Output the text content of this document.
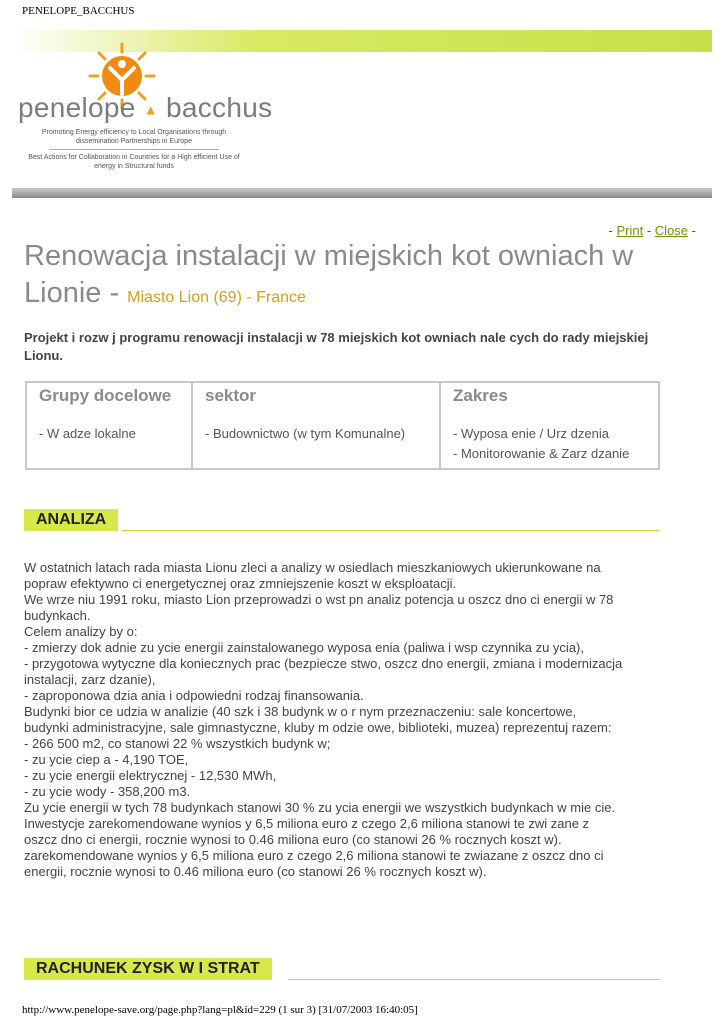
PENELOPE_BACCHUS
penelope ▲ bacchus
Promoting Energy efficiency to Local Organisations through dissemination Partnerships in Europe
Best Actions for Collaboration in Countries for a High efficient Use of energy in Structural funds
- Print - Close -
Renowacja instalacji w miejskich kot owniach w Lionie - Miasto Lion (69) - France

Projekt i rozw j programu renowacji instalacji w 78 miejskich kot owniach nale cych do rady miejskiej Lionu.

Grupy docelowe	sektor	Zakres

- W adze lokalne	- Budownictwo (w tym Komunalne)	- Wyposa enie / Urz dzenia
- Monitorowanie & Zarz dzanie
ANALIZA

W ostatnich latach rada miasta Lionu zleci a analizy w osiedlach mieszkaniowych ukierunkowane na

popraw efektywno ci energetycznej oraz zmniejszenie koszt w eksploatacji.

We wrze niu 1991 roku, miasto Lion przeprowadzi o wst pn analiz potencja u oszcz dno ci energii w 78

budynkach.

Celem analizy by o:

- zmierzy dok adnie zu ycie energii zainstalowanego wyposa enia (paliwa i wsp czynnika zu ycia),

- przygotowa wytyczne dla koniecznych prac (bezpiecze stwo, oszcz dno energii, zmiana i modernizacja

instalacji, zarz dzanie),

- zaproponowa dzia ania i odpowiedni rodzaj finansowania.

Budynki bior ce udzia w analizie (40 szk i 38 budynk w o r nym przeznaczeniu: sale koncertowe,

budynki administracyjne, sale gimnastyczne, kluby m odzie owe, biblioteki, muzea) reprezentuj razem:

- 266 500 m2, co stanowi 22 % wszystkich budynk w;

- zu ycie ciep a - 4,190 TOE,

- zu ycie energii elektrycznej - 12,530 MWh,

- zu ycie wody - 358,200 m3.

Zu ycie energii w tych 78 budynkach stanowi 30 % zu ycia energii we wszystkich budynkach w mie cie.

Inwestycje zarekomendowane wynios y 6,5 miliona euro z czego 2,6 miliona stanowi te zwi zane z

oszcz dno ci energii, rocznie wynosi to 0.46 miliona euro (co stanowi 26 % rocznych koszt w).

zarekomendowane wynios y 6,5 miliona euro z czego 2,6 miliona stanowi te zwiazane z oszcz dno ci

energii, rocznie wynosi to 0.46 miliona euro (co stanowi 26 % rocznych koszt w).

RACHUNEK ZYSK W I STRAT
http://www.penelope-save.org/page.php?lang=pl&id=229 (1 sur 3) [31/07/2003 16:40:05]
